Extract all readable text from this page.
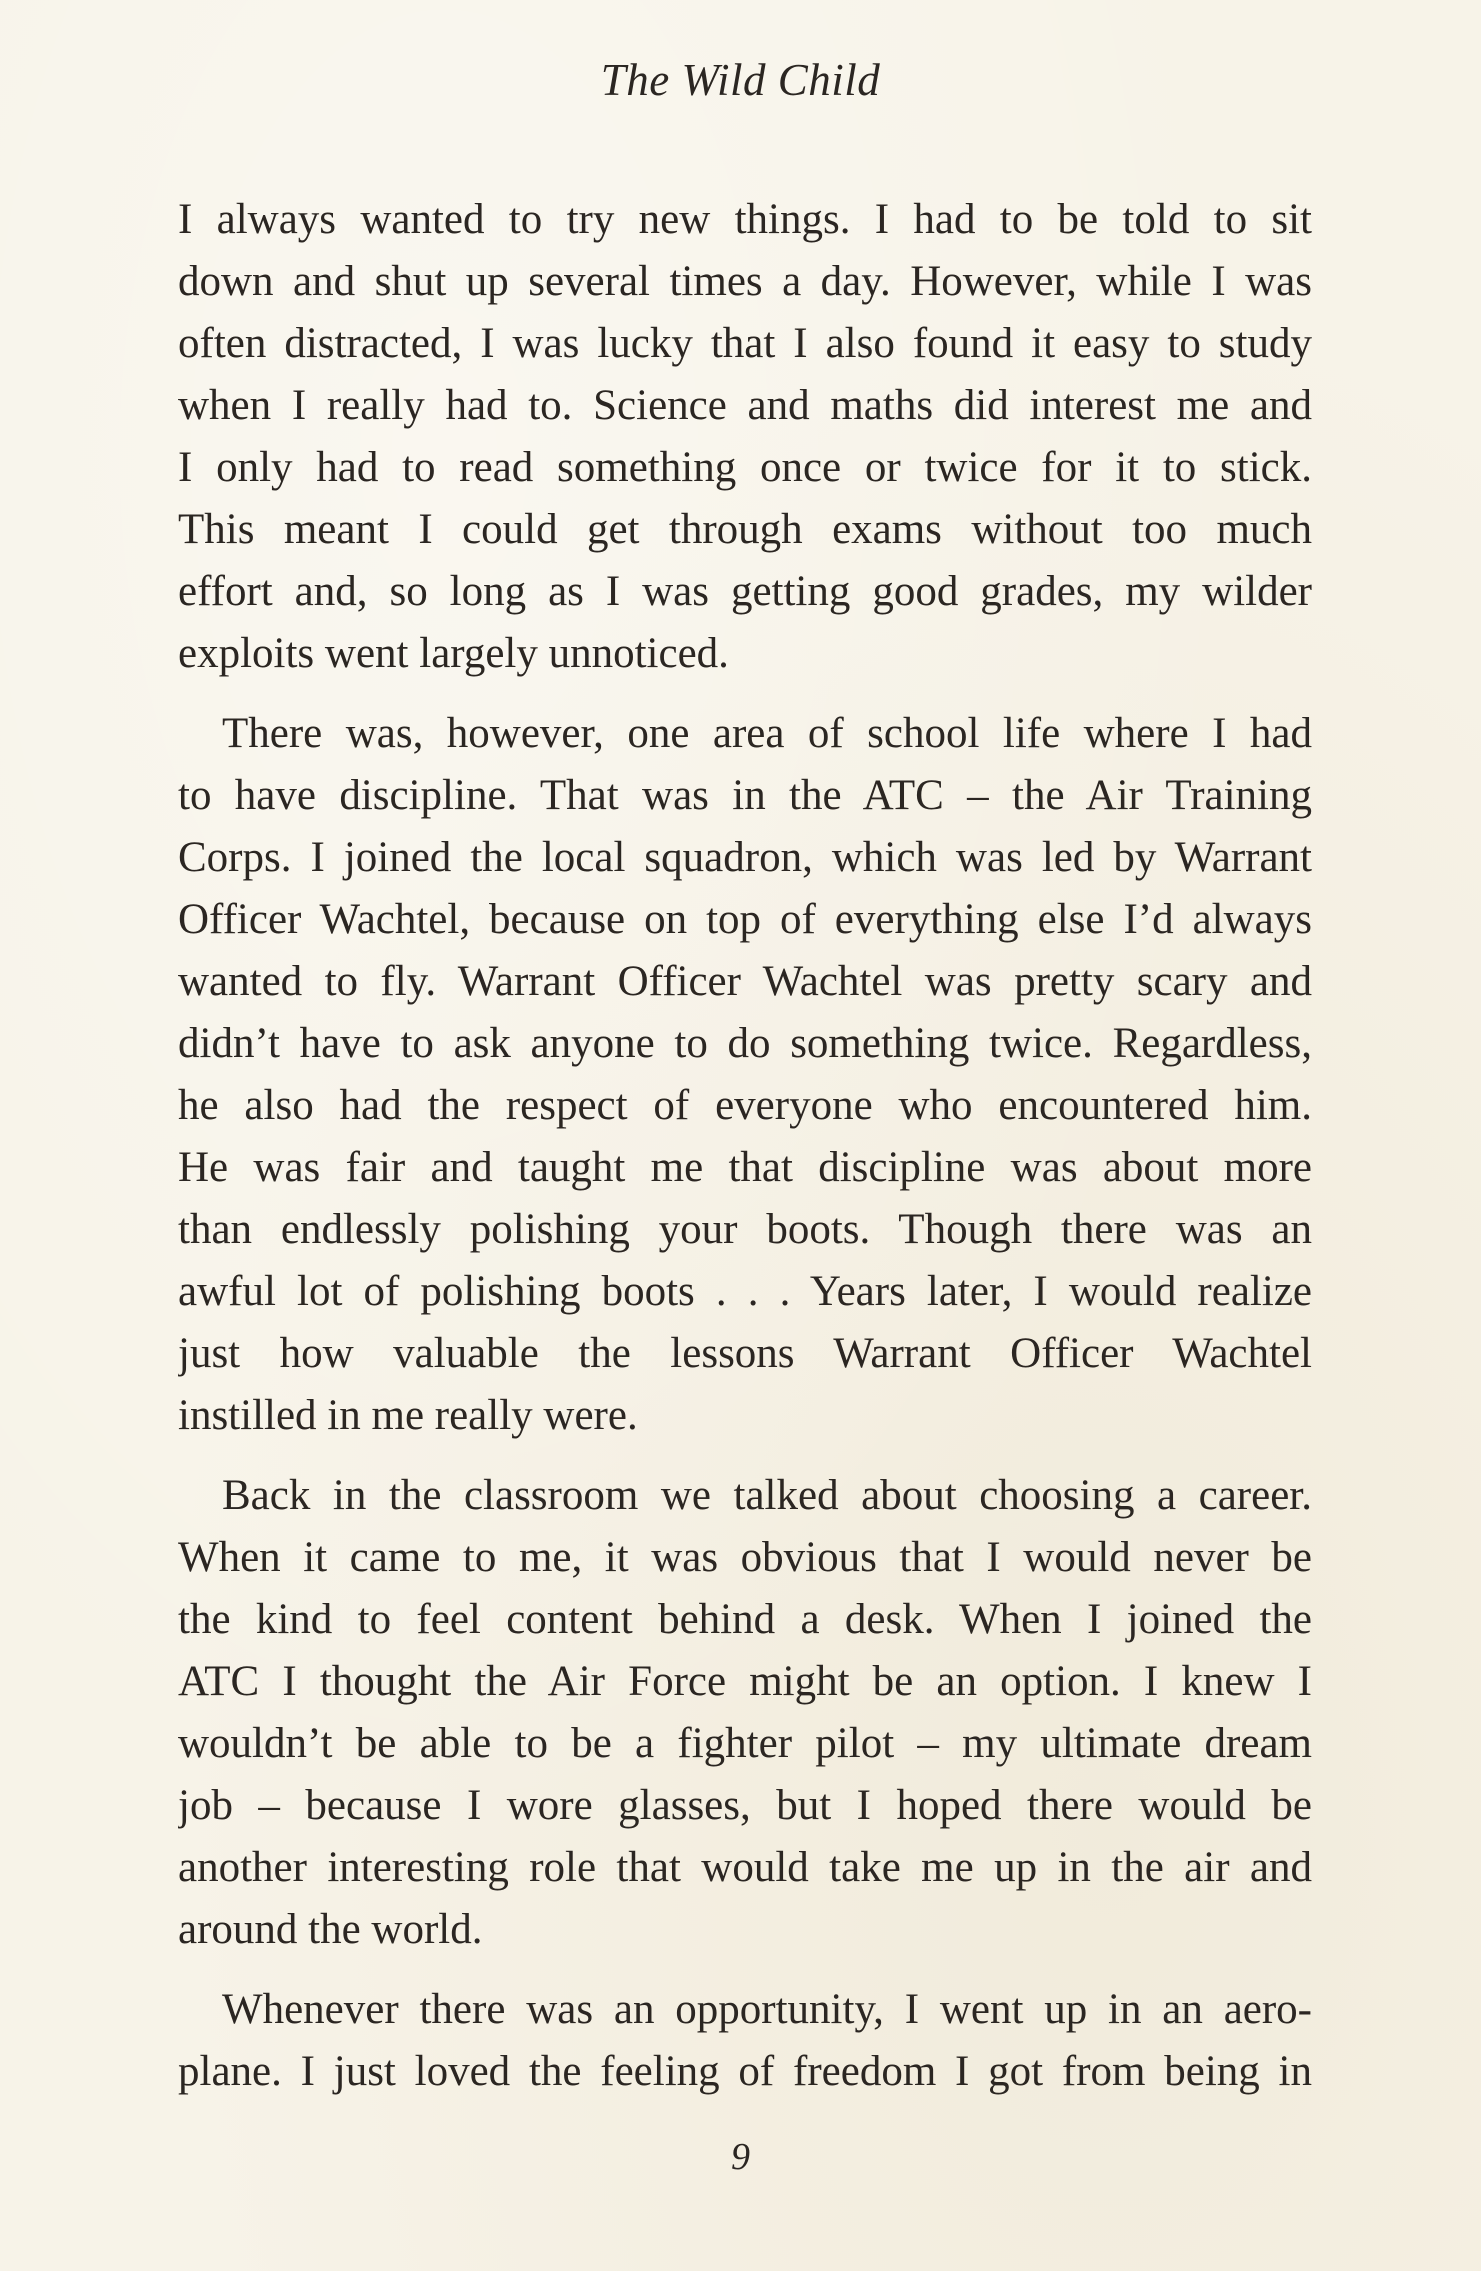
The Wild Child
I always wanted to try new things. I had to be told to sit
down and shut up several times a day. However, while I was
often distracted, I was lucky that I also found it easy to study
when I really had to. Science and maths did interest me and
I only had to read something once or twice for it to stick.
This meant I could get through exams without too much
effort and, so long as I was getting good grades, my wilder
exploits went largely unnoticed.
There was, however, one area of school life where I had
to have discipline. That was in the ATC – the Air Training
Corps. I joined the local squadron, which was led by Warrant
Officer Wachtel, because on top of everything else I’d always
wanted to fly. Warrant Officer Wachtel was pretty scary and
didn’t have to ask anyone to do something twice. Regardless,
he also had the respect of everyone who encountered him.
He was fair and taught me that discipline was about more
than endlessly polishing your boots. Though there was an
awful lot of polishing boots . . . Years later, I would realize
just how valuable the lessons Warrant Officer Wachtel
instilled in me really were.
Back in the classroom we talked about choosing a career.
When it came to me, it was obvious that I would never be
the kind to feel content behind a desk. When I joined the
ATC I thought the Air Force might be an option. I knew I
wouldn’t be able to be a fighter pilot – my ultimate dream
job – because I wore glasses, but I hoped there would be
another interesting role that would take me up in the air and
around the world.
Whenever there was an opportunity, I went up in an aero-
plane. I just loved the feeling of freedom I got from being in
9
